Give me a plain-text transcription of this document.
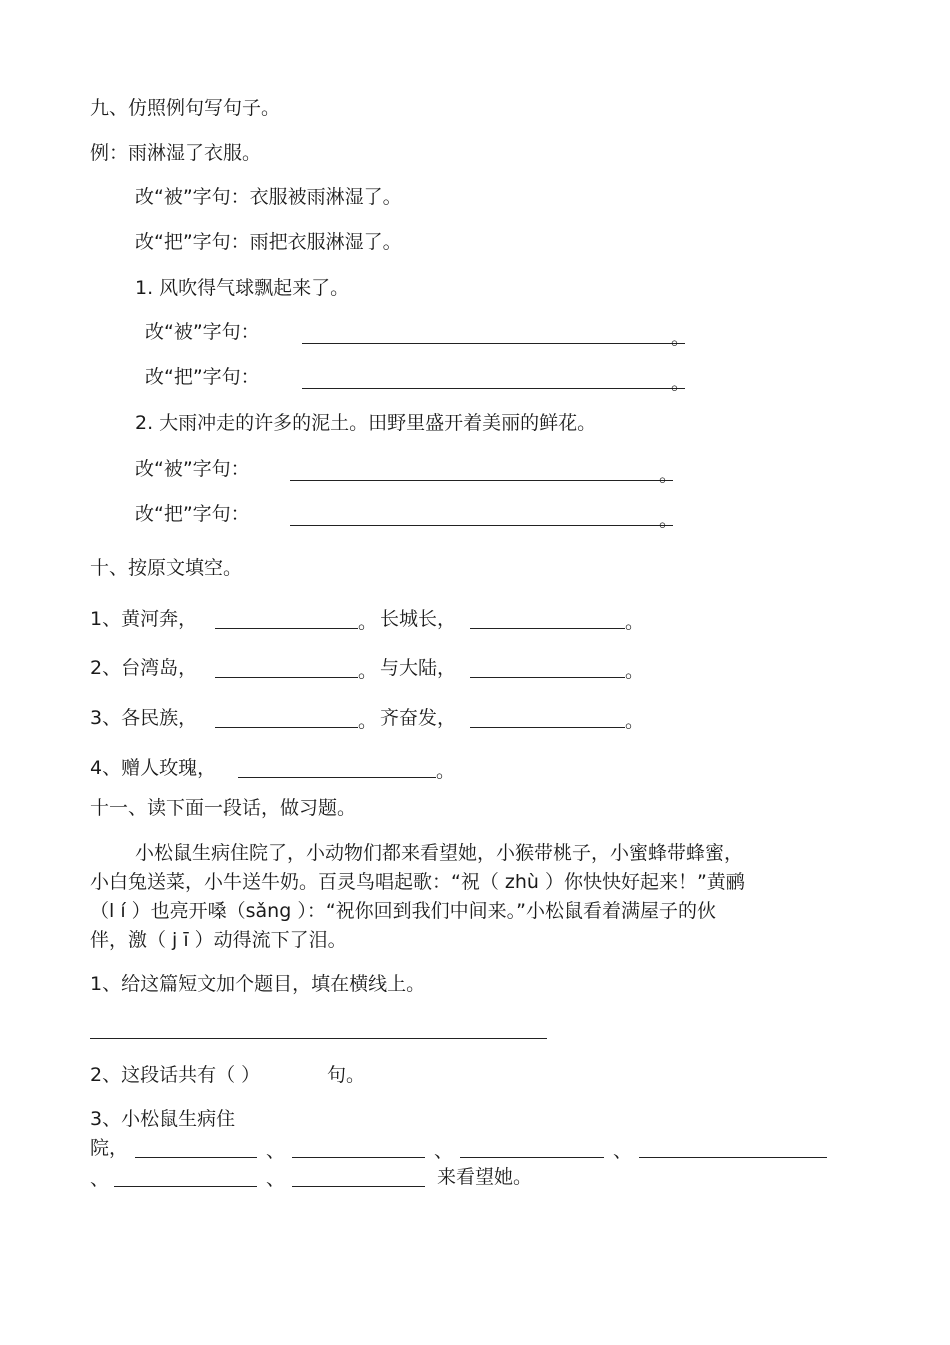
九、仿照例句写句子。
例：雨淋湿了衣服。
改“被”字句：衣服被雨淋湿了。
改“把”字句：雨把衣服淋湿了。
1. 风吹得气球飘起来了。
改“被”字句：	。
改“把”字句：	。
2. 大雨冲走的许多的泥土。田野里盛开着美丽的鲜花。
改“被”字句：	。
改“把”字句：	。
十、按原文填空。
1、黄河奔，	。 长城长，	。
2、台湾岛，	。 与大陆，	。
3、各民族，	。 齐奋发，	。
4、赠人玫瑰，	。
十一、读下面一段话，做习题。
小松鼠生病住院了，小动物们都来看望她，小猴带桃子，小蜜蜂带蜂蜜，
小白兔送菜，小牛送牛奶。百灵鸟唱起歌：“祝（ zhù ）你快快好起来！”黄鹂
（l í ）也亮开嗓（sǎng ）：“祝你回到我们中间来。”小松鼠看着满屋子的伙
伴，激（ j ī ）动得流下了泪。
1、给这篇短文加个题目，填在横线上。
2、这段话共有（ ）	句。
3、小松鼠生病住
院，	、	、	、
、	、	来看望她。
